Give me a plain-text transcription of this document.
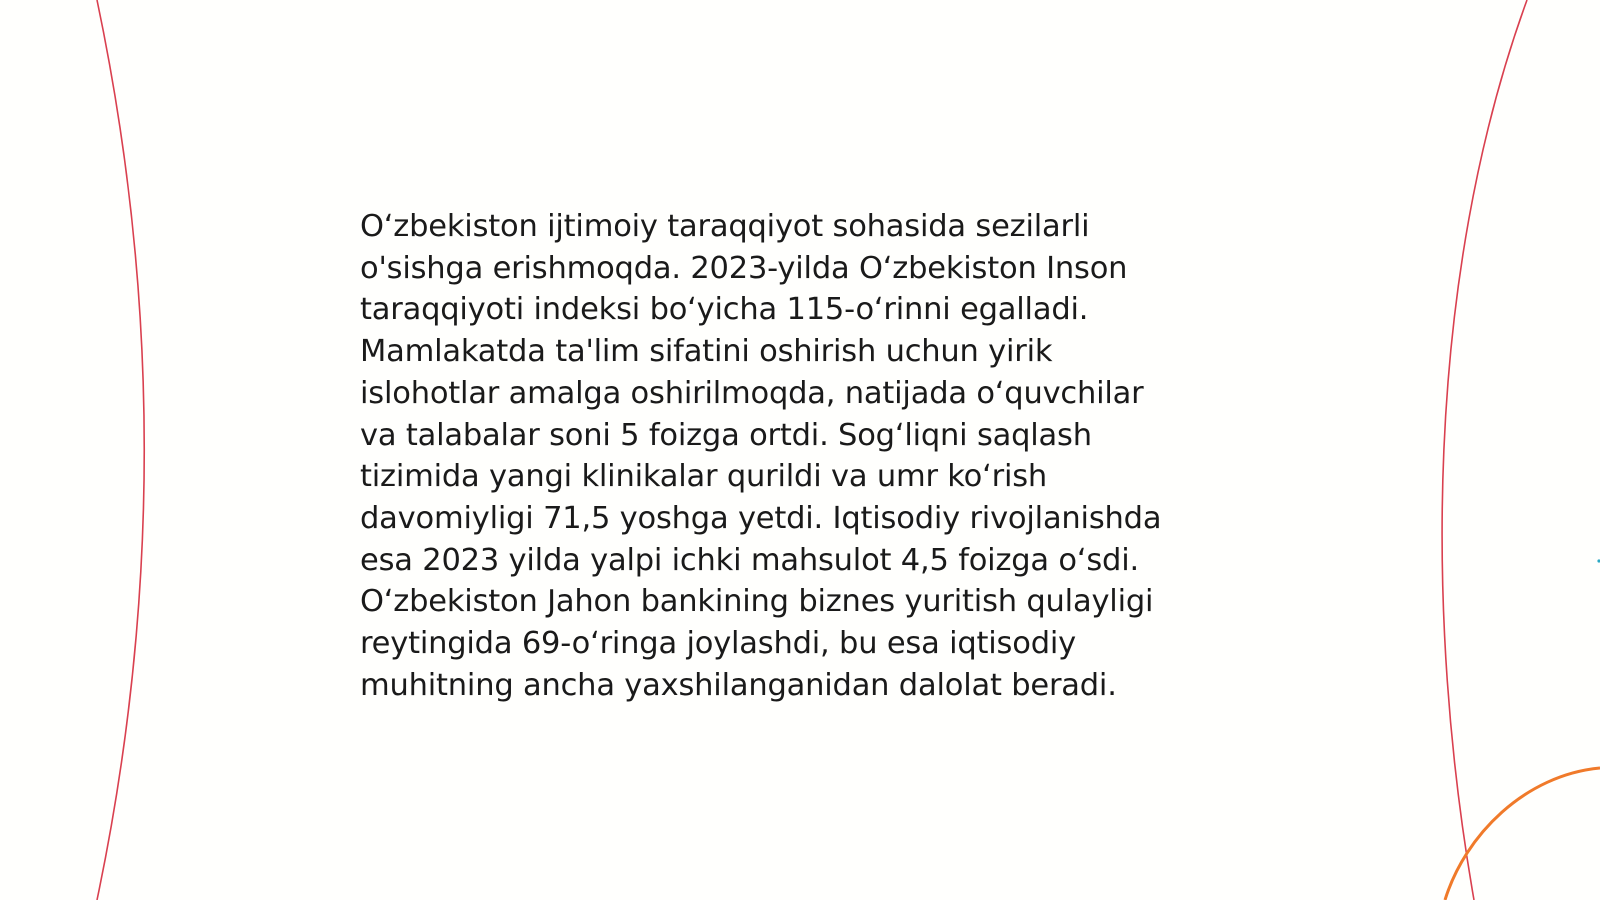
O‘zbekiston ijtimoiy taraqqiyot sohasida sezilarli
o'sishga erishmoqda. 2023-yilda O‘zbekiston Inson
taraqqiyoti indeksi bo‘yicha 115-o‘rinni egalladi.
Mamlakatda ta'lim sifatini oshirish uchun yirik
islohotlar amalga oshirilmoqda, natijada o‘quvchilar
va talabalar soni 5 foizga ortdi. Sog‘liqni saqlash
tizimida yangi klinikalar qurildi va umr ko‘rish
davomiyligi 71,5 yoshga yetdi. Iqtisodiy rivojlanishda
esa 2023 yilda yalpi ichki mahsulot 4,5 foizga o‘sdi.
O‘zbekiston Jahon bankining biznes yuritish qulayligi
reytingida 69-o‘ringa joylashdi, bu esa iqtisodiy
muhitning ancha yaxshilanganidan dalolat beradi.
